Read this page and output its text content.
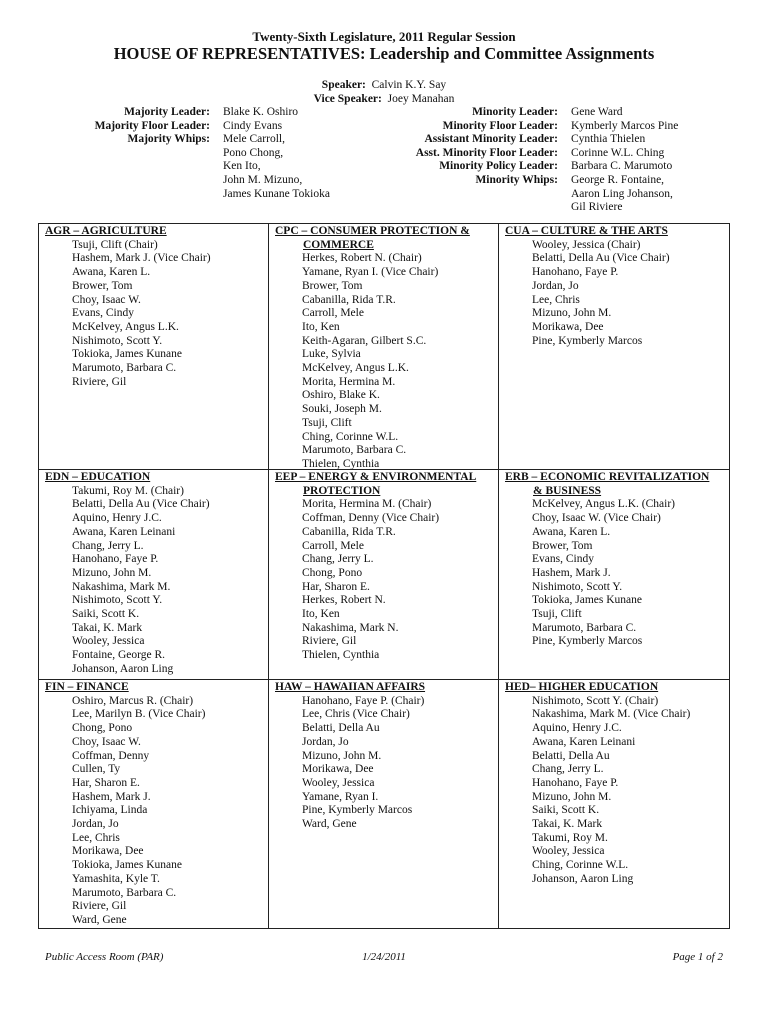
Twenty-Sixth Legislature, 2011 Regular Session
HOUSE OF REPRESENTATIVES: Leadership and Committee Assignments
Speaker: Calvin K.Y. Say
Vice Speaker: Joey Manahan
Majority Leader:	Blake K. Oshiro
Majority Floor Leader:	Cindy Evans
Majority Whips:	Mele Carroll,
Pono Chong,
Ken Ito,
John M. Mizuno,
James Kunane Tokioka
Minority Leader:	Gene Ward
Minority Floor Leader:	Kymberly Marcos Pine
Assistant Minority Leader:	Cynthia Thielen
Asst. Minority Floor Leader:	Corinne W.L. Ching
Minority Policy Leader:	Barbara C. Marumoto
Minority Whips:	George R. Fontaine,
Aaron Ling Johanson,
Gil Riviere
AGR – AGRICULTURE
Tsuji, Clift (Chair)
Hashem, Mark J. (Vice Chair)
Awana, Karen L.
Brower, Tom
Choy, Isaac W.
Evans, Cindy
McKelvey, Angus L.K.
Nishimoto, Scott Y.
Tokioka, James Kunane
Marumoto, Barbara C.
Riviere, Gil
CPC – CONSUMER PROTECTION &
COMMERCE
Herkes, Robert N. (Chair)
Yamane, Ryan I. (Vice Chair)
Brower, Tom
Cabanilla, Rida T.R.
Carroll, Mele
Ito, Ken
Keith-Agaran, Gilbert S.C.
Luke, Sylvia
McKelvey, Angus L.K.
Morita, Hermina M.
Oshiro, Blake K.
Souki, Joseph M.
Tsuji, Clift
Ching, Corinne W.L.
Marumoto, Barbara C.
Thielen, Cynthia
CUA – CULTURE & THE ARTS
Wooley, Jessica (Chair)
Belatti, Della Au (Vice Chair)
Hanohano, Faye P.
Jordan, Jo
Lee, Chris
Mizuno, John M.
Morikawa, Dee
Pine, Kymberly Marcos
EDN – EDUCATION
Takumi, Roy M. (Chair)
Belatti, Della Au (Vice Chair)
Aquino, Henry J.C.
Awana, Karen Leinani
Chang, Jerry L.
Hanohano, Faye P.
Mizuno, John M.
Nakashima, Mark M.
Nishimoto, Scott Y.
Saiki, Scott K.
Takai, K. Mark
Wooley, Jessica
Fontaine, George R.
Johanson, Aaron Ling
EEP – ENERGY & ENVIRONMENTAL
PROTECTION
Morita, Hermina M. (Chair)
Coffman, Denny (Vice Chair)
Cabanilla, Rida T.R.
Carroll, Mele
Chang, Jerry L.
Chong, Pono
Har, Sharon E.
Herkes, Robert N.
Ito, Ken
Nakashima, Mark N.
Riviere, Gil
Thielen, Cynthia
ERB – ECONOMIC REVITALIZATION
& BUSINESS
McKelvey, Angus L.K. (Chair)
Choy, Isaac W. (Vice Chair)
Awana, Karen L.
Brower, Tom
Evans, Cindy
Hashem, Mark J.
Nishimoto, Scott Y.
Tokioka, James Kunane
Tsuji, Clift
Marumoto, Barbara C.
Pine, Kymberly Marcos
FIN – FINANCE
Oshiro, Marcus R. (Chair)
Lee, Marilyn B. (Vice Chair)
Chong, Pono
Choy, Isaac W.
Coffman, Denny
Cullen, Ty
Har, Sharon E.
Hashem, Mark J.
Ichiyama, Linda
Jordan, Jo
Lee, Chris
Morikawa, Dee
Tokioka, James Kunane
Yamashita, Kyle T.
Marumoto, Barbara C.
Riviere, Gil
Ward, Gene
HAW – HAWAIIAN AFFAIRS
Hanohano, Faye P. (Chair)
Lee, Chris (Vice Chair)
Belatti, Della Au
Jordan, Jo
Mizuno, John M.
Morikawa, Dee
Wooley, Jessica
Yamane, Ryan I.
Pine, Kymberly Marcos
Ward, Gene
HED– HIGHER EDUCATION
Nishimoto, Scott Y. (Chair)
Nakashima, Mark M. (Vice Chair)
Aquino, Henry J.C.
Awana, Karen Leinani
Belatti, Della Au
Chang, Jerry L.
Hanohano, Faye P.
Mizuno, John M.
Saiki, Scott K.
Takai, K. Mark
Takumi, Roy M.
Wooley, Jessica
Ching, Corinne W.L.
Johanson, Aaron Ling
Public Access Room (PAR)	1/24/2011	Page 1 of 2
